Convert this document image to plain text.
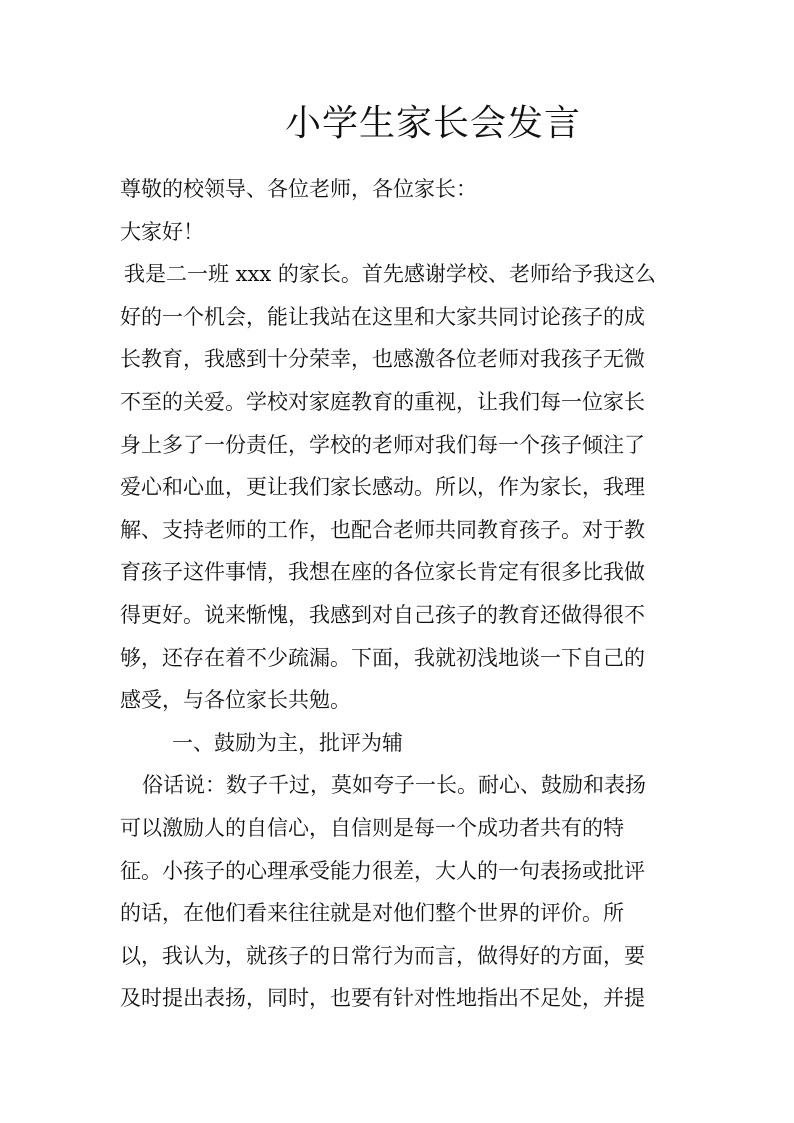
小学生家长会发言
尊敬的校领导、各位老师，各位家长：
大家好！
我是二一班 xxx 的家长。首先感谢学校、老师给予我这么
好的一个机会，能让我站在这里和大家共同讨论孩子的成
长教育，我感到十分荣幸，也感激各位老师对我孩子无微
不至的关爱。学校对家庭教育的重视，让我们每一位家长
身上多了一份责任，学校的老师对我们每一个孩子倾注了
爱心和心血，更让我们家长感动。所以，作为家长，我理
解、支持老师的工作，也配合老师共同教育孩子。对于教
育孩子这件事情，我想在座的各位家长肯定有很多比我做
得更好。说来惭愧，我感到对自己孩子的教育还做得很不
够，还存在着不少疏漏。下面，我就初浅地谈一下自己的
感受，与各位家长共勉。
一、鼓励为主，批评为辅
俗话说：数子千过，莫如夸子一长。耐心、鼓励和表扬
可以激励人的自信心，自信则是每一个成功者共有的特
征。小孩子的心理承受能力很差，大人的一句表扬或批评
的话，在他们看来往往就是对他们整个世界的评价。所
以，我认为，就孩子的日常行为而言，做得好的方面，要
及时提出表扬，同时，也要有针对性地指出不足处，并提
